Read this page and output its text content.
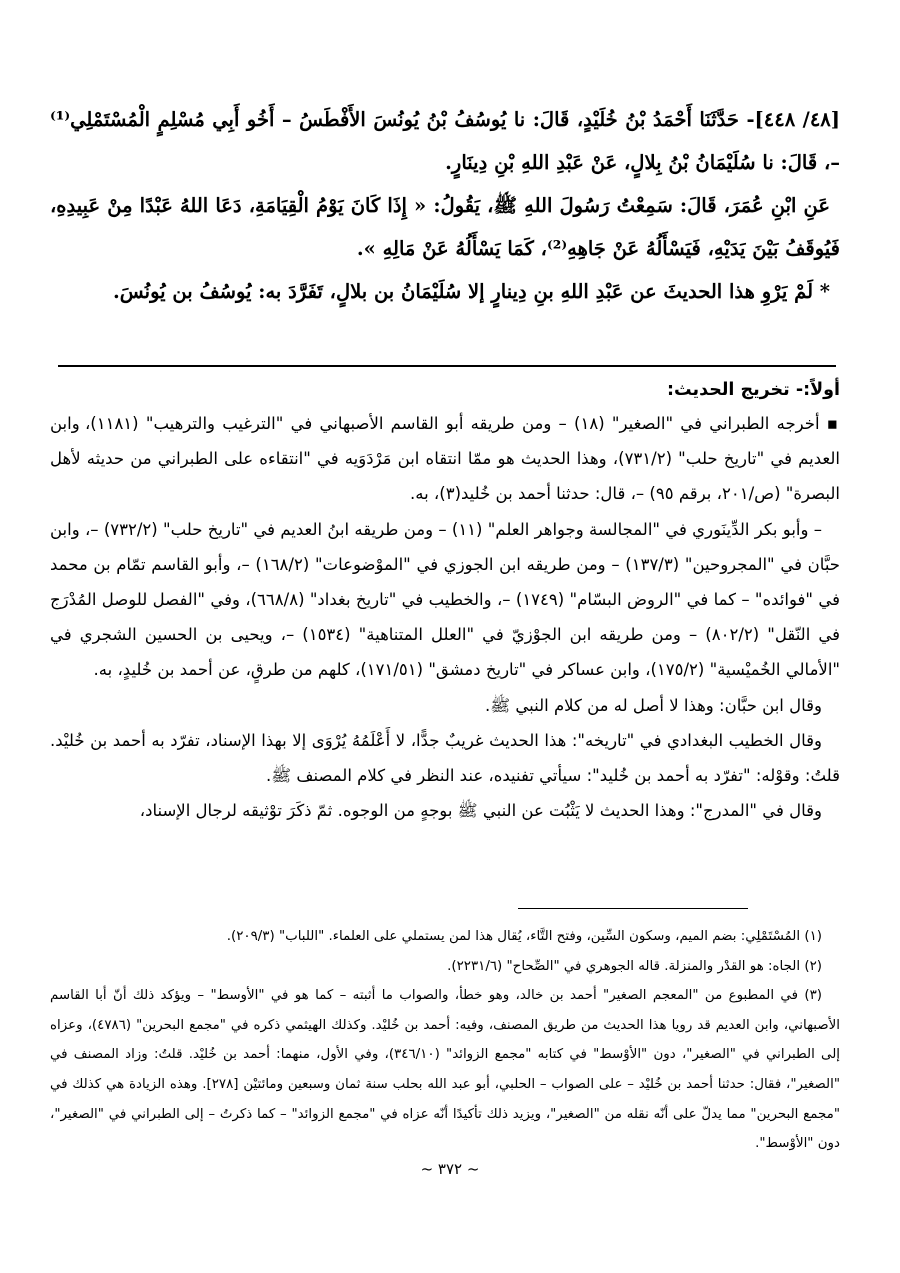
[٤٨/ ٤٤٨]- حَدَّثَنَا أَحْمَدُ بْنُ خُلَيْدٍ، قَالَ: نا يُوسُفُ بْنُ يُونُسَ الأَفْطَسُ – أَخُو أَبِي مُسْلِمٍ الْمُسْتَمْلِي⁽¹⁾ –، قَالَ: نا سُلَيْمَانُ بْنُ بِلالٍ، عَنْ عَبْدِ اللهِ بْنِ دِينَارٍ.

عَنِ ابْنِ عُمَرَ، قَالَ: سَمِعْتُ رَسُولَ اللهِ ﷺ، يَقُولُ: « إِذَا كَانَ يَوْمُ الْقِيَامَةِ، دَعَا اللهُ عَبْدًا مِنْ عَبِيدِهِ، فَيُوقَفُ بَيْنَ يَدَيْهِ، فَيَسْأَلُهُ عَنْ جَاهِهِ⁽²⁾، كَمَا يَسْأَلُهُ عَنْ مَالِهِ ».

* لَمْ يَرْوِ هذا الحديثَ عن عَبْدِ اللهِ بنِ دِينارٍ إلا سُلَيْمَانُ بن بلالٍ، تَفَرَّدَ به: يُوسُفُ بن يُونُسَ.

أولاً:- تخريج الحديث:

▪ أخرجه الطبراني في "الصغير" (١٨) – ومن طريقه أبو القاسم الأصبهاني في "الترغيب والترهيب" (١١٨١)، وابن العديم في "تاريخ حلب" (٧٣١/٢)، وهذا الحديث هو ممّا انتقاه ابن مَرْدَوَيه في "انتقاءه على الطبراني من حديثه لأهل البصرة" (ص/٢٠١، برقم ٩٥) –، قال: حدثنا أحمد بن خُليد(٣)، به.

– وأبو بكر الدِّينَوري في "المجالسة وجواهر العلم" (١١) – ومن طريقه ابنُ العديم في "تاريخ حلب" (٧٣٢/٢) –، وابن حبَّان في "المجروحين" (١٣٧/٣) – ومن طريقه ابن الجوزي في "الموْضوعات" (١٦٨/٢) –، وأبو القاسم تمّام بن محمد في "فوائده" – كما في "الروض البسّام" (١٧٤٩) –، والخطيب في "تاريخ بغداد" (٦٦٨/٨)، وفي "الفصل للوصل المُدْرَج في النّقل" (٨٠٢/٢) – ومن طريقه ابن الجوْزيّ في "العلل المتناهية" (١٥٣٤) –، ويحيى بن الحسين الشجري في "الأمالي الخُميْسية" (١٧٥/٢)، وابن عساكر في "تاريخ دمشق" (١٧١/٥١)، كلهم من طرقٍ، عن أحمد بن خُليدٍ، به.

وقال ابن حبَّان: وهذا لا أصل له من كلام النبي ﷺ.

وقال الخطيب البغدادي في "تاريخه": هذا الحديث غريبٌ جدًّا، لا أَعْلَمُهُ يُرْوَى إلا بهذا الإسناد، تفرّد به أحمد بن خُليْد. قلتُ: وقوْله: "تفرّد به أحمد بن خُليد": سيأتي تفنيده، عند النظر في كلام المصنف ﷺ.

وقال في "المدرج": وهذا الحديث لا يَثْبُت عن النبي ﷺ بوجهٍ من الوجوه. ثمّ ذكَرَ توْثيقه لرجال الإسناد،

(١) المُسْتَمْلِي: بضم الميم، وسكون السِّين، وفتح التَّاء، يُقال هذا لمن يستملي على العلماء. "اللباب" (٢٠٩/٣).

(٢) الجاه: هو القدْر والمنزلة. قاله الجوهري في "الصِّحاح" (٢٢٣١/٦).

(٣) في المطبوع من "المعجم الصغير" أحمد بن خالد، وهو خطأ، والصواب ما أثبته – كما هو في "الأوسط" – ويؤكد ذلك أنّ أبا القاسم الأصبهاني، وابن العديم قد رويا هذا الحديث من طريق المصنف، وفيه: أحمد بن خُليْد. وكذلك الهيثمي ذكره في "مجمع البحرين" (٤٧٨٦)، وعزاه إلى الطبراني في "الصغير"، دون "الأوْسط" في كتابه "مجمع الزوائد" (٣٤٦/١٠)، وفي الأول، منهما: أحمد بن خُليْد. قلتُ: وزاد المصنف في "الصغير"، فقال: حدثنا أحمد بن خُليْد – على الصواب – الحلبي، أبو عبد الله بحلب سنة ثمان وسبعين ومائتيْن [٢٧٨]. وهذه الزيادة هي كذلك في "مجمع البحرين" مما يدلّ على أنّه نقله من "الصغير"، ويزيد ذلك تأكيدًا أنّه عزاه في "مجمع الزوائد" – كما ذكرتُ – إلى الطبراني في "الصغير"، دون "الأوْسط".

~ ٣٧٢ ~
